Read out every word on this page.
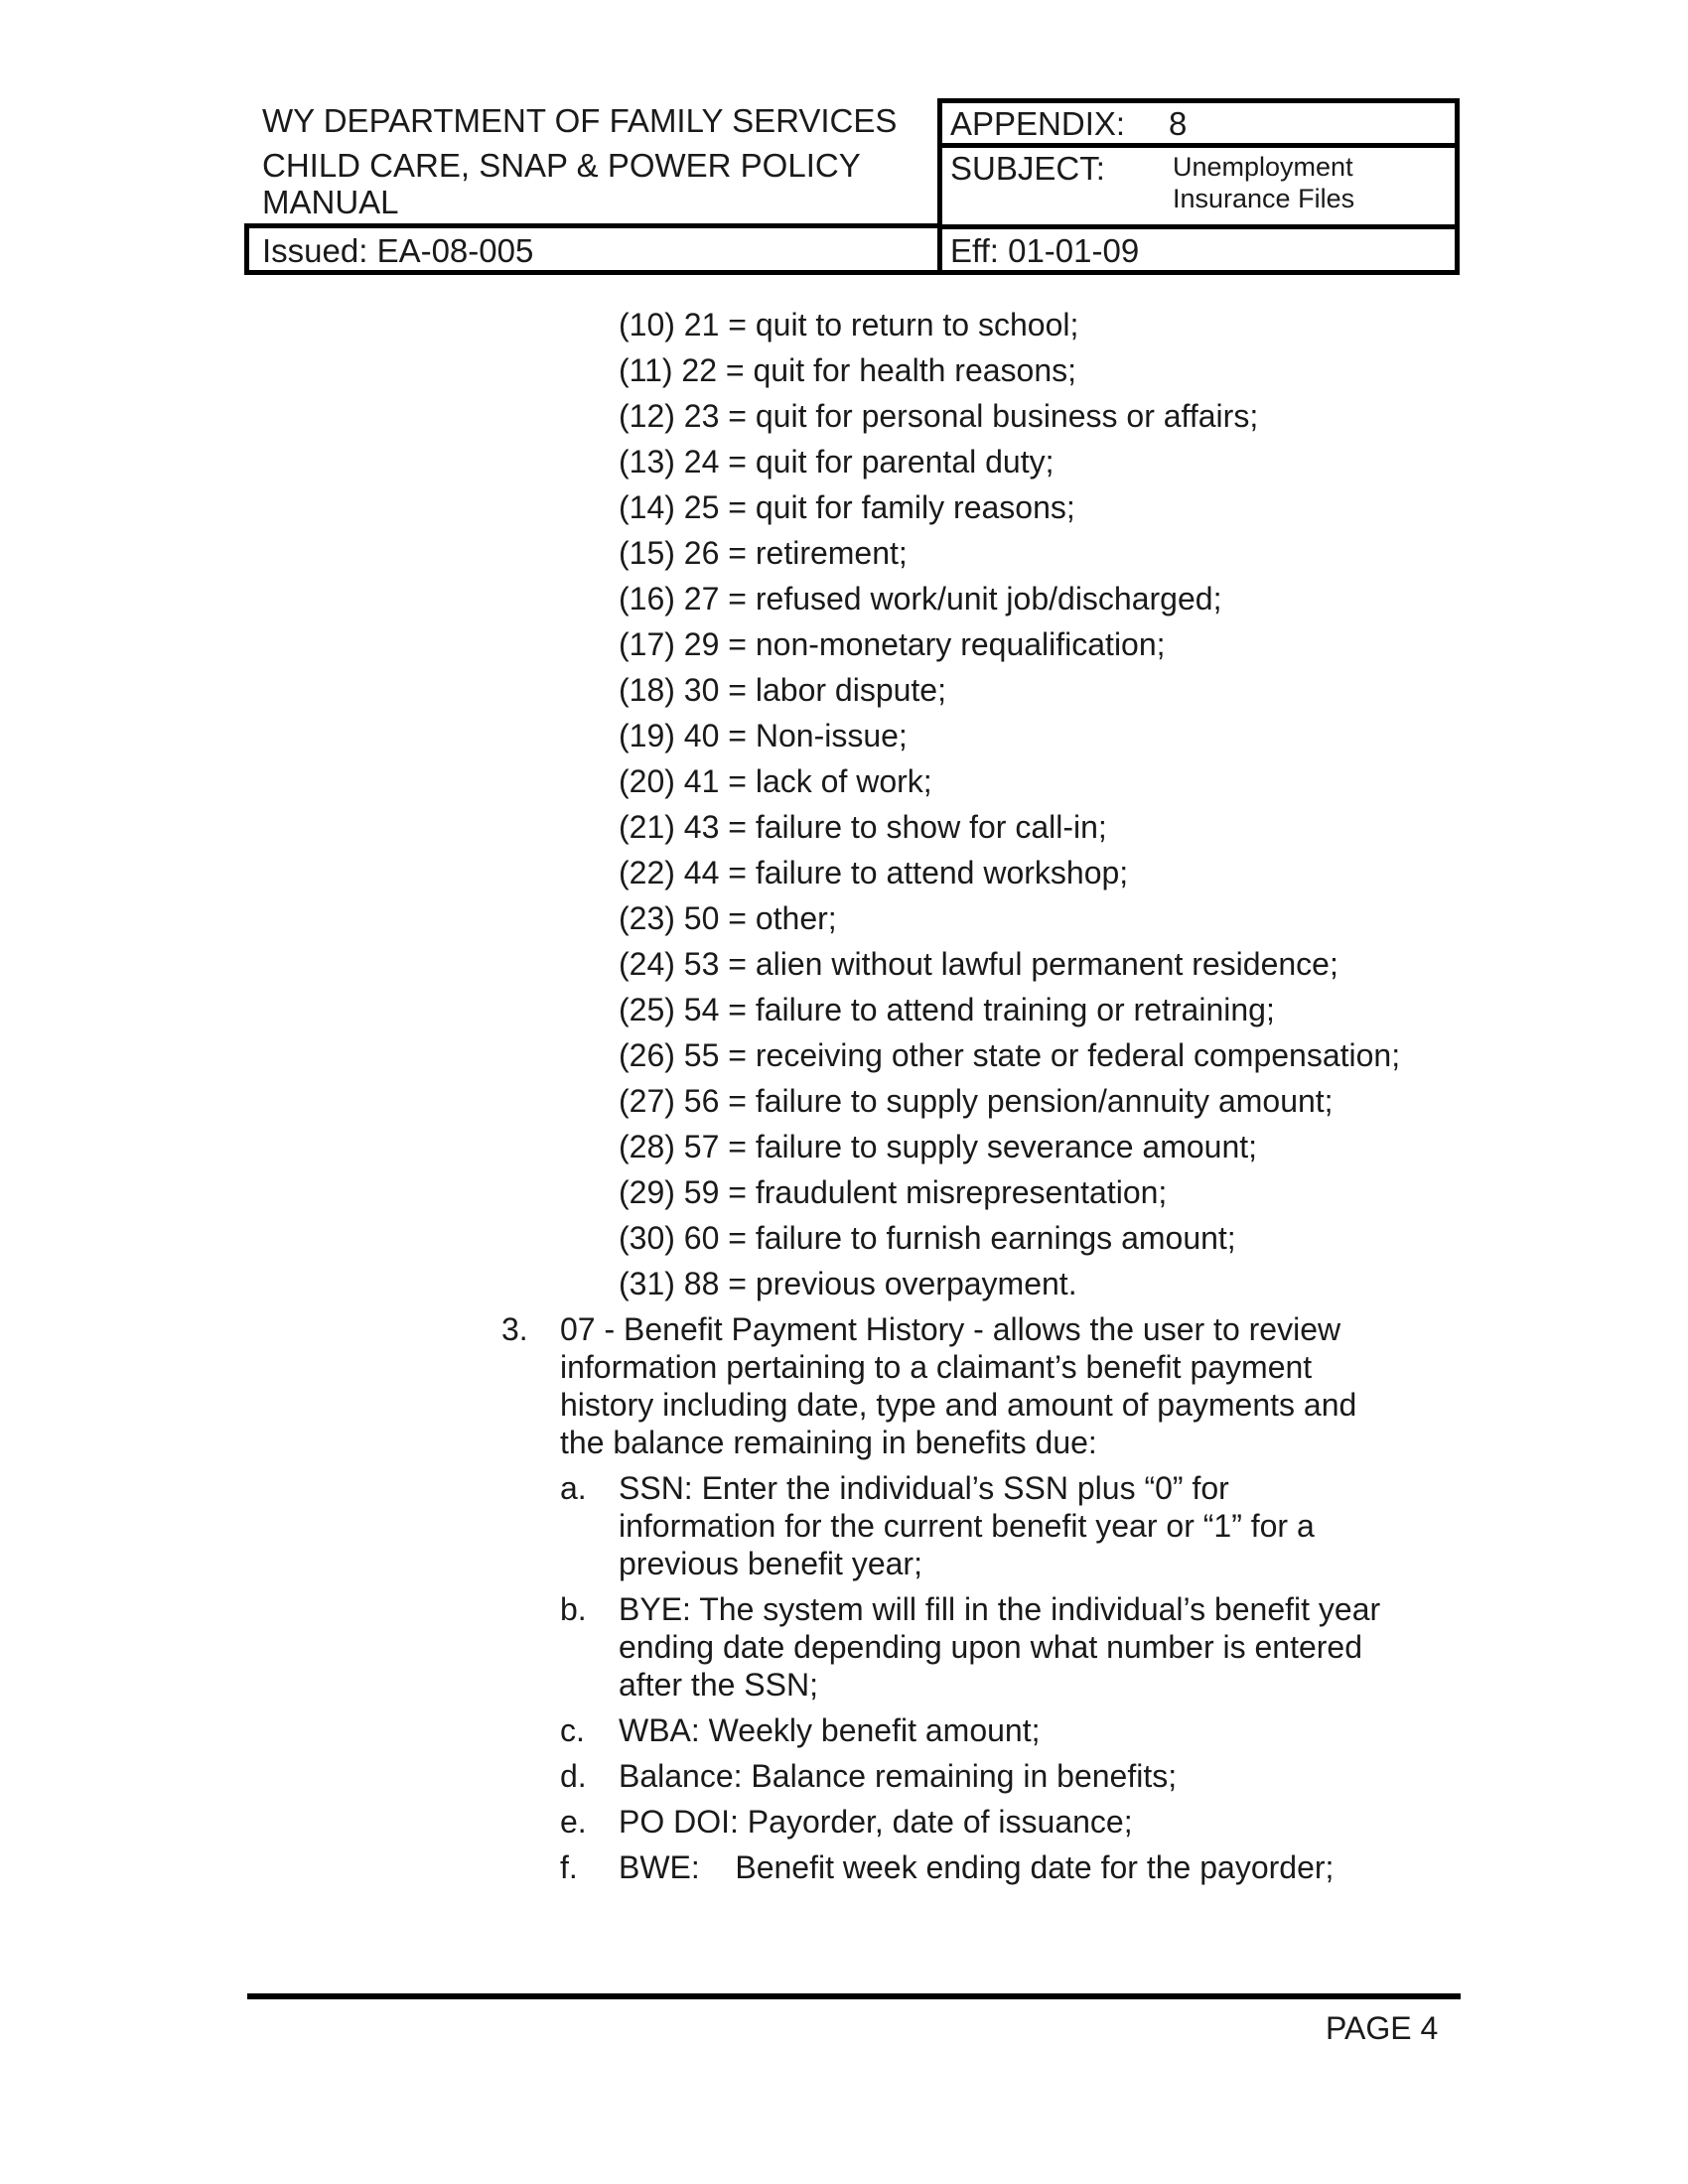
WY DEPARTMENT OF FAMILY SERVICES
CHILD CARE, SNAP & POWER POLICY
MANUAL
Issued: EA-08-005
APPENDIX: 8
SUBJECT:	Unemployment
Insurance Files
Eff: 01-01-09
(10) 21 = quit to return to school;
(11) 22 = quit for health reasons;
(12) 23 = quit for personal business or affairs;
(13) 24 = quit for parental duty;
(14) 25 = quit for family reasons;
(15) 26 = retirement;
(16) 27 = refused work/unit job/discharged;
(17) 29 = non-monetary requalification;
(18) 30 = labor dispute;
(19) 40 = Non-issue;
(20) 41 = lack of work;
(21) 43 = failure to show for call-in;
(22) 44 = failure to attend workshop;
(23) 50 = other;
(24) 53 = alien without lawful permanent residence;
(25) 54 = failure to attend training or retraining;
(26) 55 = receiving other state or federal compensation;
(27) 56 = failure to supply pension/annuity amount;
(28) 57 = failure to supply severance amount;
(29) 59 = fraudulent misrepresentation;
(30) 60 = failure to furnish earnings amount;
(31) 88 = previous overpayment.
3. 07 - Benefit Payment History - allows the user to review
information pertaining to a claimant’s benefit payment
history including date, type and amount of payments and
the balance remaining in benefits due:
a. SSN: Enter the individual’s SSN plus “0” for
information for the current benefit year or “1” for a
previous benefit year;
b. BYE: The system will fill in the individual’s benefit year
ending date depending upon what number is entered
after the SSN;
c. WBA: Weekly benefit amount;
d. Balance: Balance remaining in benefits;
e. PO DOI: Payorder, date of issuance;
f. BWE:    Benefit week ending date for the payorder;
PAGE 4
